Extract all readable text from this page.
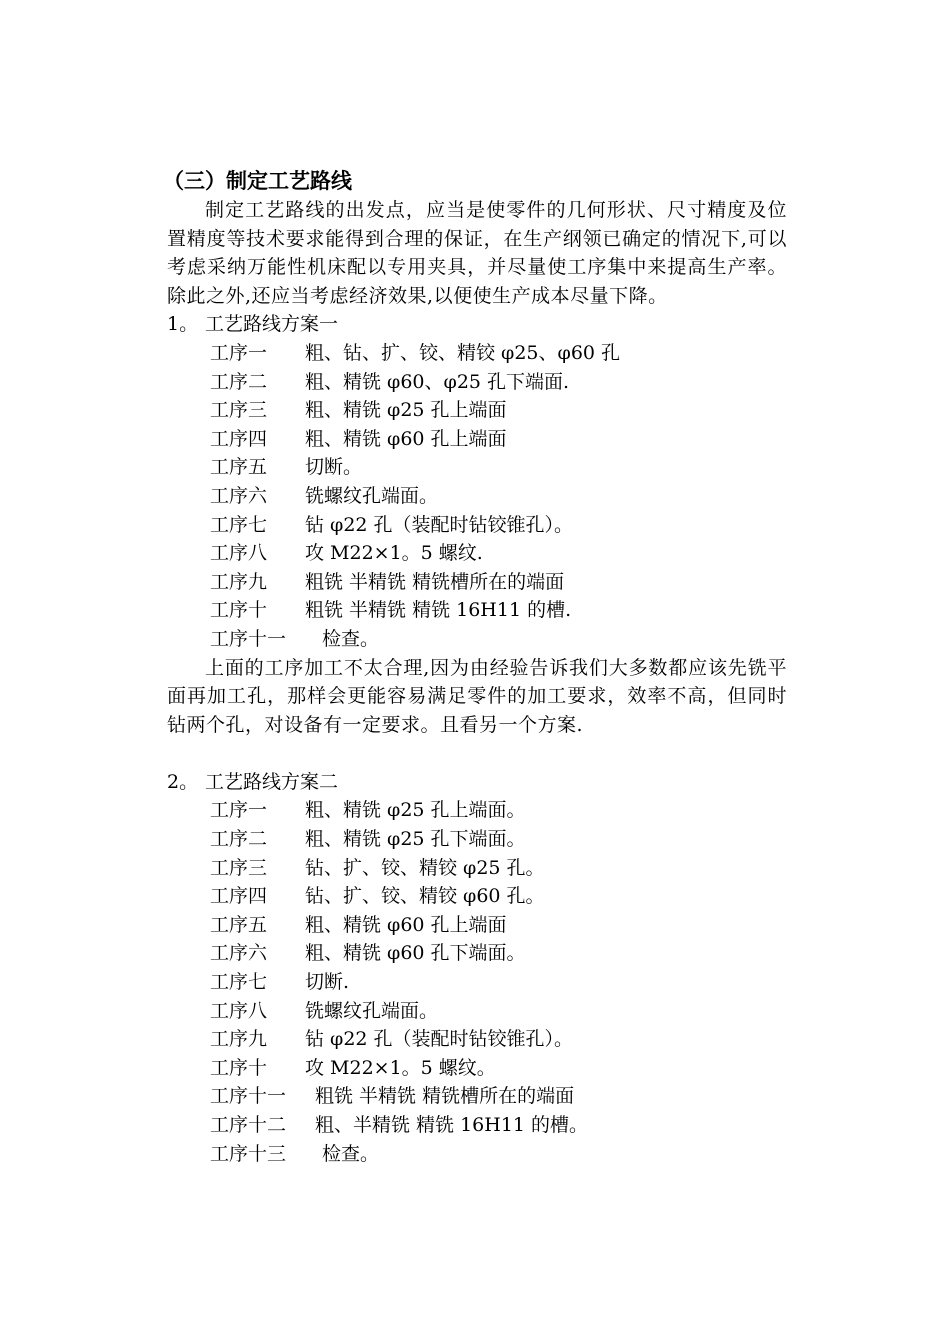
（三）制定工艺路线

制定工艺路线的出发点，应当是使零件的几何形状、尺寸精度及位置精度等技术要求能得到合理的保证，在生产纲领已确定的情况下,可以考虑采纳万能性机床配以专用夹具，并尽量使工序集中来提高生产率。除此之外,还应当考虑经济效果,以便使生产成本尽量下降。

1。 工艺路线方案一
工序一 粗、钻、扩、铰、精铰 φ25、φ60 孔
工序二 粗、精铣 φ60、φ25 孔下端面.
工序三 粗、精铣 φ25 孔上端面
工序四 粗、精铣 φ60 孔上端面
工序五 切断。
工序六 铣螺纹孔端面。
工序七 钻 φ22 孔（装配时钻铰锥孔）。
工序八 攻 M22×1。5 螺纹.
工序九 粗铣 半精铣 精铣槽所在的端面
工序十 粗铣 半精铣 精铣 16H11 的槽.
工序十一 检查。

上面的工序加工不太合理,因为由经验告诉我们大多数都应该先铣平面再加工孔，那样会更能容易满足零件的加工要求，效率不高，但同时钻两个孔，对设备有一定要求。且看另一个方案.

2。 工艺路线方案二
工序一 粗、精铣 φ25 孔上端面。
工序二 粗、精铣 φ25 孔下端面。
工序三 钻、扩、铰、精铰 φ25 孔。
工序四 钻、扩、铰、精铰 φ60 孔。
工序五 粗、精铣 φ60 孔上端面
工序六 粗、精铣 φ60 孔下端面。
工序七 切断.
工序八 铣螺纹孔端面。
工序九 钻 φ22 孔（装配时钻铰锥孔）。
工序十 攻 M22×1。5 螺纹。
工序十一 粗铣 半精铣 精铣槽所在的端面
工序十二 粗、半精铣 精铣 16H11 的槽。
工序十三 检查。
